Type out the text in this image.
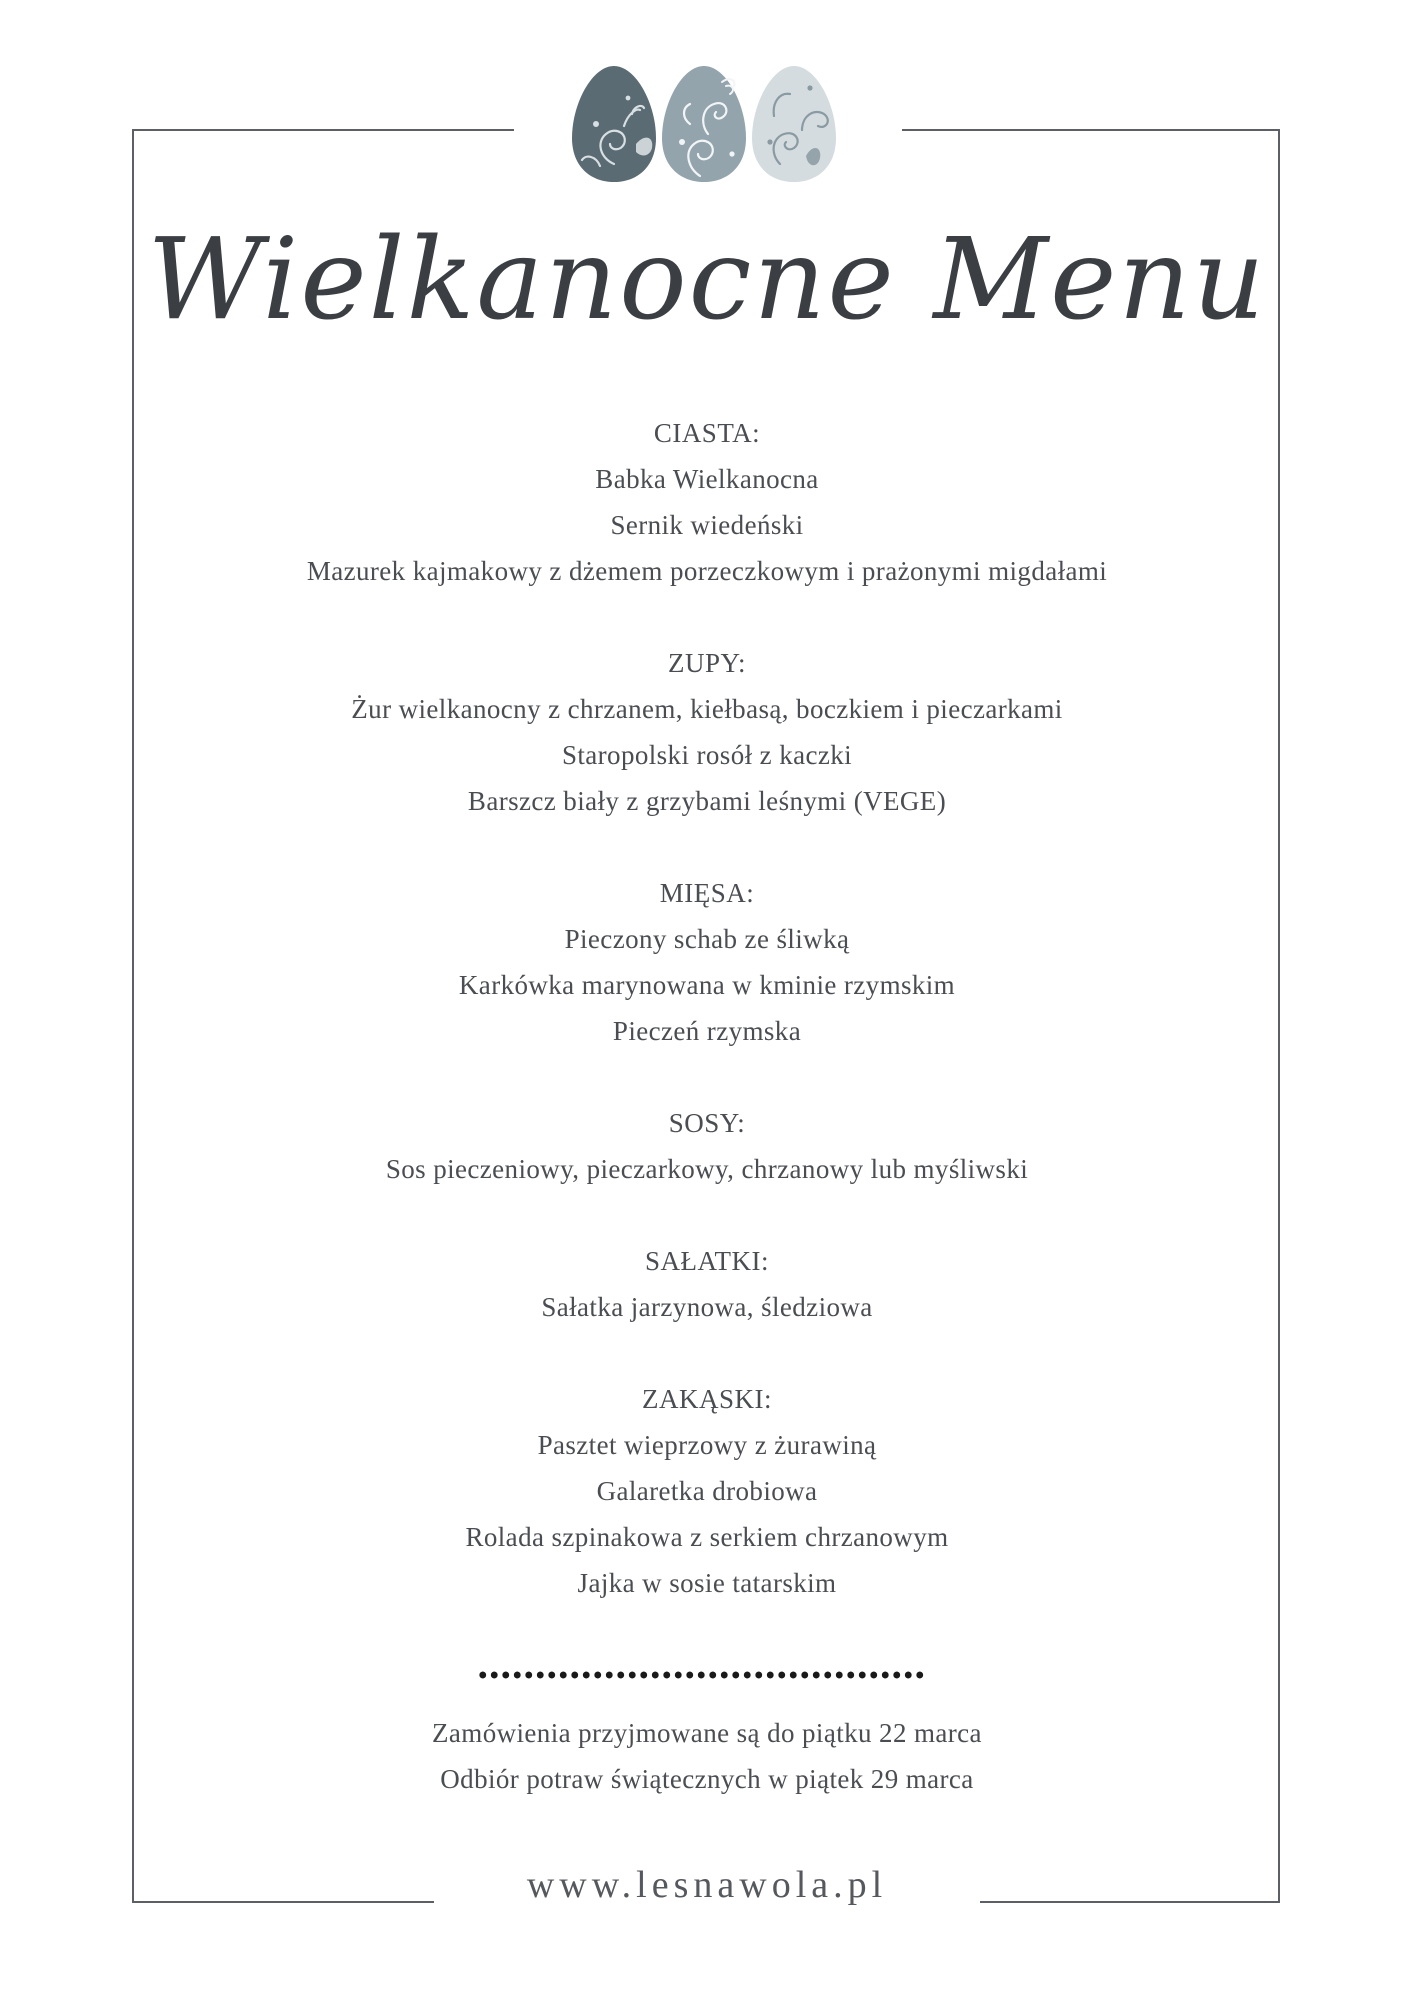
Wielkanocne Menu
CIASTA:
Babka Wielkanocna
Sernik wiedeński
Mazurek kajmakowy z dżemem porzeczkowym i prażonymi migdałami
ZUPY:
Żur wielkanocny z chrzanem, kiełbasą, boczkiem i pieczarkami
Staropolski rosół z kaczki
Barszcz biały z grzybami leśnymi (VEGE)
MIĘSA:
Pieczony schab ze śliwką
Karkówka marynowana w kminie rzymskim
Pieczeń rzymska
SOSY:
Sos pieczeniowy, pieczarkowy, chrzanowy lub myśliwski
SAŁATKI:
Sałatka jarzynowa, śledziowa
ZAKĄSKI:
Pasztet wieprzowy z żurawiną
Galaretka drobiowa
Rolada szpinakowa z serkiem chrzanowym
Jajka w sosie tatarskim
Zamówienia przyjmowane są do piątku 22 marca
Odbiór potraw świątecznych w piątek 29 marca
www.lesnawola.pl
